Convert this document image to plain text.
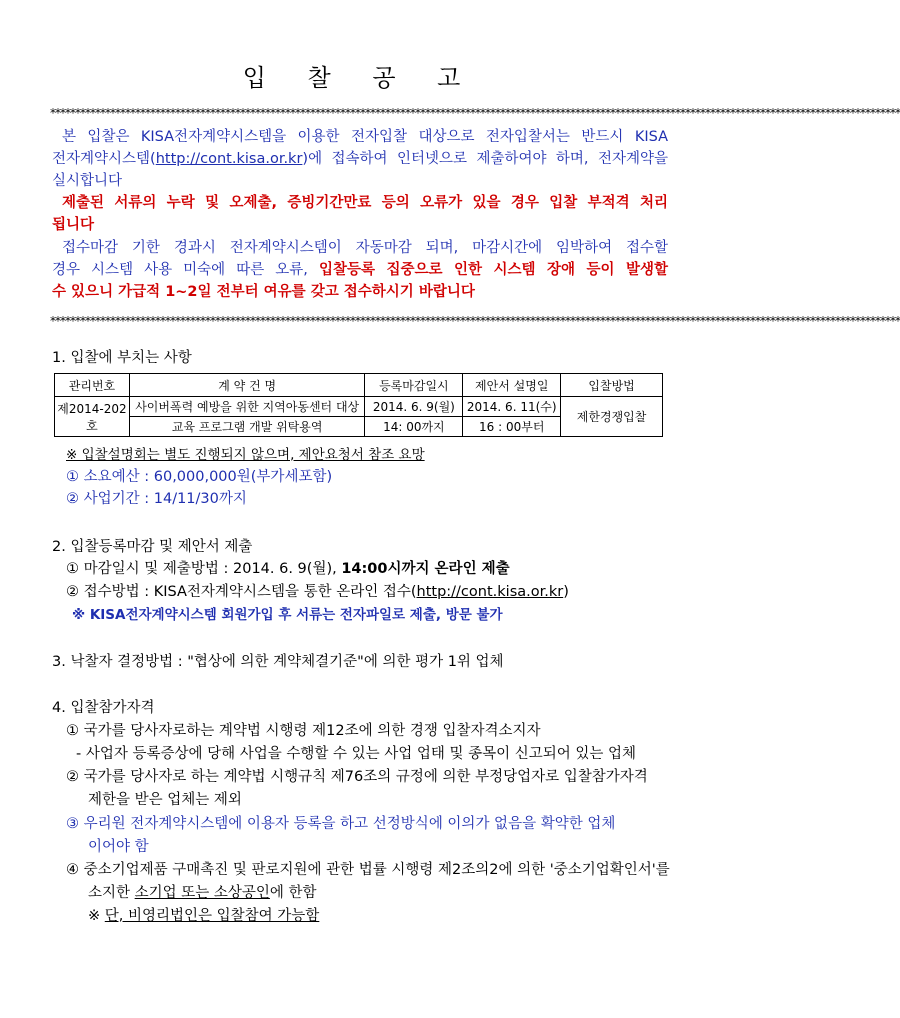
입 찰 공 고
**************************************************************************************************************************************************************************
본 입찰은 KISA전자계약시스템을 이용한 전자입찰 대상으로 전자입찰서는 반드시 KISA
전자계약시스템(http://cont.kisa.or.kr)에 접속하여 인터넷으로 제출하여야 하며, 전자계약을
실시합니다
제출된 서류의 누락 및 오제출, 증빙기간만료 등의 오류가 있을 경우 입찰 부적격 처리
됩니다
접수마감 기한 경과시 전자계약시스템이 자동마감 되며, 마감시간에 임박하여 접수할
경우 시스템 사용 미숙에 따른 오류, 입찰등록 집중으로 인한 시스템 장애 등이 발생할
수 있으니 가급적 1~2일 전부터 여유를 갖고 접수하시기 바랍니다
**************************************************************************************************************************************************************************
1. 입찰에 부치는 사항
관리번호	계 약 건 명	등록마감일시	제안서 설명일	입찰방법
제2014-202호	사이버폭력 예방을 위한 지역아동센터 대상	2014. 6. 9(월)	2014. 6. 11(수)	제한경쟁입찰
	교육 프로그램 개발 위탁용역	14: 00까지	16 : 00부터	
※ 입찰설명회는 별도 진행되지 않으며, 제안요청서 참조 요망
① 소요예산 : 60,000,000원(부가세포함)
② 사업기간 : 14/11/30까지
2. 입찰등록마감 및 제안서 제출
① 마감일시 및 제출방법 : 2014. 6. 9(월), 14:00시까지 온라인 제출
② 접수방법 : KISA전자계약시스템을 통한 온라인 접수(http://cont.kisa.or.kr)
※ KISA전자계약시스템 회원가입 후 서류는 전자파일로 제출, 방문 불가
3. 낙찰자 결정방법 : "협상에 의한 계약체결기준"에 의한 평가 1위 업체
4. 입찰참가자격
① 국가를 당사자로하는 계약법 시행령 제12조에 의한 경쟁 입찰자격소지자
- 사업자 등록증상에 당해 사업을 수행할 수 있는 사업 업태 및 종목이 신고되어 있는 업체
② 국가를 당사자로 하는 계약법 시행규칙 제76조의 규정에 의한 부정당업자로 입찰참가자격
제한을 받은 업체는 제외
③ 우리원 전자계약시스템에 이용자 등록을 하고 선정방식에 이의가 없음을 확약한 업체
이어야 함
④ 중소기업제품 구매촉진 및 판로지원에 관한 법률 시행령 제2조의2에 의한 '중소기업확인서'를
소지한 소기업 또는 소상공인에 한함
※ 단, 비영리법인은 입찰참여 가능함
